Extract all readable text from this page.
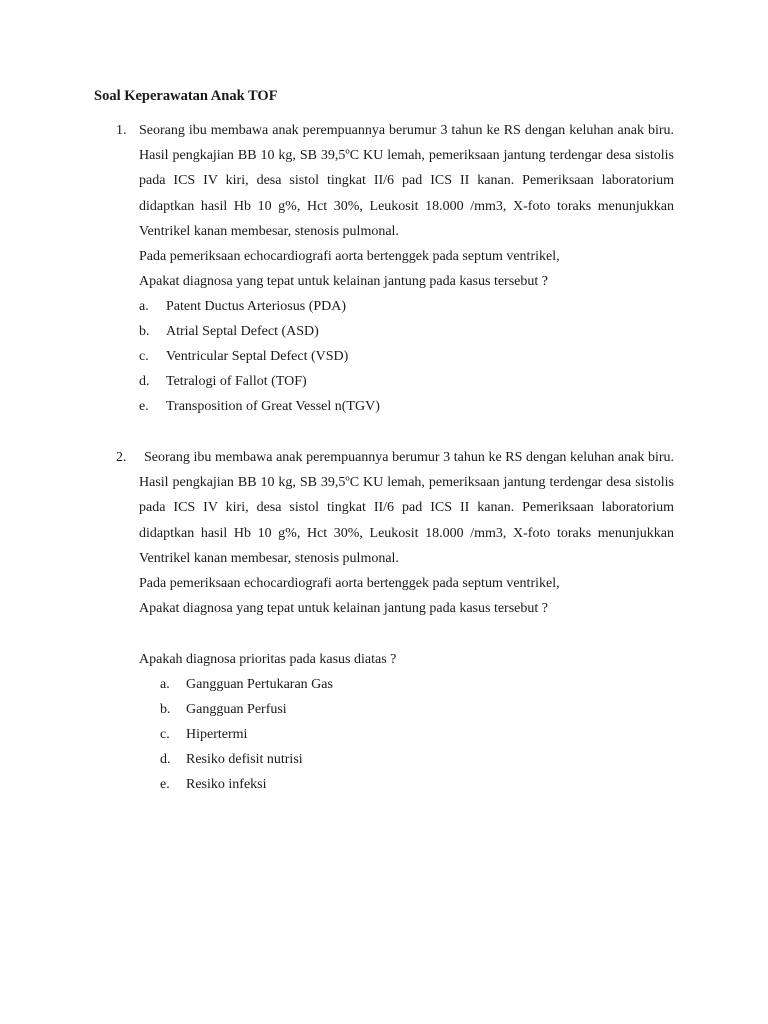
Soal Keperawatan Anak TOF
1. Seorang ibu membawa anak perempuannya berumur 3 tahun ke RS dengan keluhan anak biru. Hasil pengkajian BB 10 kg, SB 39,5ºC KU lemah, pemeriksaan jantung terdengar desa sistolis pada ICS IV kiri, desa sistol tingkat II/6 pad ICS II kanan. Pemeriksaan laboratorium didaptkan hasil Hb 10 g%, Hct 30%, Leukosit 18.000 /mm3, X-foto toraks menunjukkan Ventrikel kanan membesar, stenosis pulmonal.
Pada pemeriksaan echocardiografi aorta bertenggek pada septum ventrikel,
Apakat diagnosa yang tepat untuk kelainan jantung pada kasus tersebut ?
a. Patent Ductus Arteriosus (PDA)
b. Atrial Septal Defect (ASD)
c. Ventricular Septal Defect (VSD)
d. Tetralogi of Fallot (TOF)
e. Transposition of Great Vessel n(TGV)
2.	Seorang ibu membawa anak perempuannya berumur 3 tahun ke RS dengan keluhan anak biru. Hasil pengkajian BB 10 kg, SB 39,5ºC KU lemah, pemeriksaan jantung terdengar desa sistolis pada ICS IV kiri, desa sistol tingkat II/6 pad ICS II kanan. Pemeriksaan laboratorium didaptkan hasil Hb 10 g%, Hct 30%, Leukosit 18.000 /mm3, X-foto toraks menunjukkan Ventrikel kanan membesar, stenosis pulmonal.
Pada pemeriksaan echocardiografi aorta bertenggek pada septum ventrikel,
Apakat diagnosa yang tepat untuk kelainan jantung pada kasus tersebut ?
Apakah diagnosa prioritas pada kasus diatas ?
a. Gangguan Pertukaran Gas
b. Gangguan Perfusi
c. Hipertermi
d. Resiko defisit nutrisi
e. Resiko infeksi
